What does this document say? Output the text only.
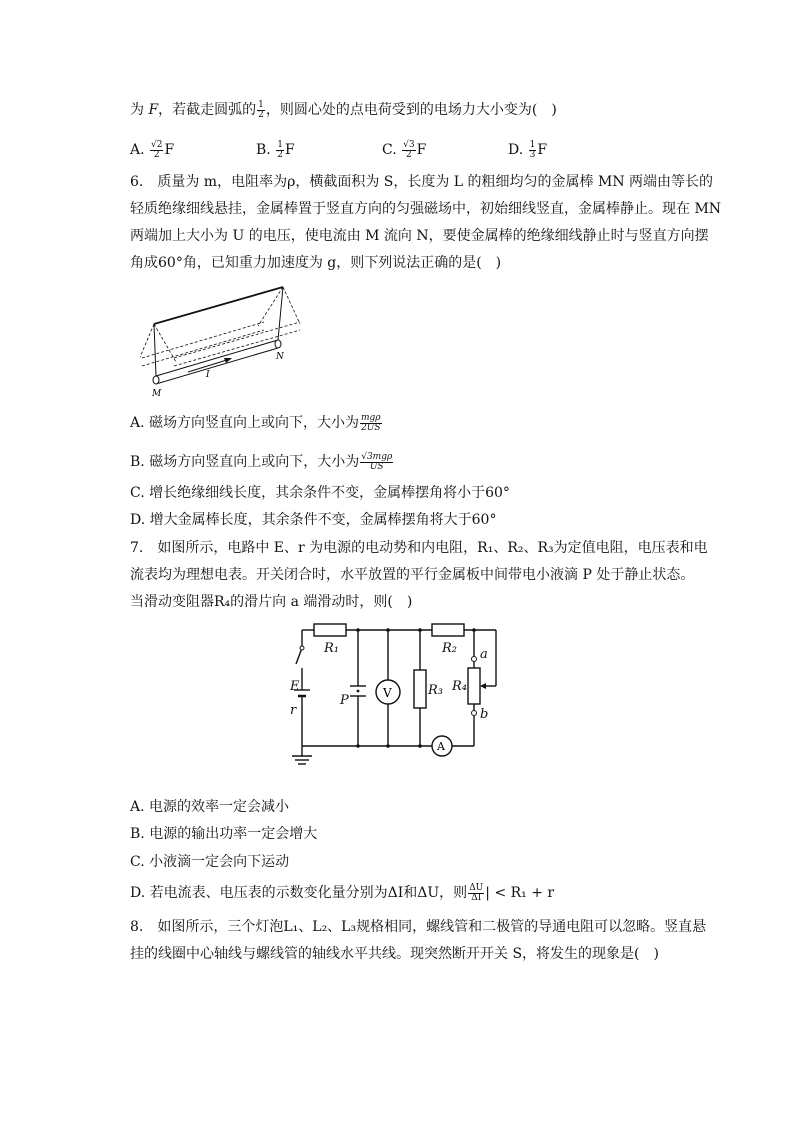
为 F，若截走圆弧的 $\frac{1}{2}$ ，则圆心处的点电荷受到的电场力大小变为(　)
A. $\frac{√2}{2}$ F	B. $\frac{1}{2}$ F	C. $\frac{√3}{2}$ F	D. $\frac{1}{3}$ F
6.　质量为 m，电阻率为ρ，横截面积为 S，长度为 L 的粗细均匀的金属棒 MN 两端由等长的
轻质绝缘细线悬挂，金属棒置于竖直方向的匀强磁场中，初始细线竖直，金属棒静止。现在 MN
两端加上大小为 U 的电压，使电流由 M 流向 N，要使金属棒的绝缘细线静止时与竖直方向摆
角成60°角，已知重力加速度为 g，则下列说法正确的是(　)
I
M
N
A. 磁场方向竖直向上或向下，大小为 $\frac{\text{mgρ}}{2US}$
B. 磁场方向竖直向上或向下，大小为 $\frac{\text{√3mgρ}}{US}$
C. 增长绝缘细线长度，其余条件不变，金属棒摆角将小于60°
D. 增大金属棒长度，其余条件不变，金属棒摆角将大于60°
7.　如图所示，电路中 E、r 为电源的电动势和内电阻，R₁、R₂、R₃为定值电阻，电压表和电
流表均为理想电表。开关闭合时，水平放置的平行金属板中间带电小液滴 P 处于静止状态。
当滑动变阻器R₄的滑片向 a 端滑动时，则(　)
R₁	R₂
R₃ R₄
a
b
E
r
P	V
A
A. 电源的效率一定会减小
B. 电源的输出功率一定会增大
C. 小液滴一定会向下运动
D. 若电流表、电压表的示数变化量分别为ΔI和ΔU，则 $\frac{\Delta U}{\Delta I}$ | < R₁ + r
8.　如图所示，三个灯泡L₁、L₂、L₃规格相同，螺线管和二极管的导通电阻可以忽略。竖直悬
挂的线圈中心轴线与螺线管的轴线水平共线。现突然断开开关 S，将发生的现象是(　)
